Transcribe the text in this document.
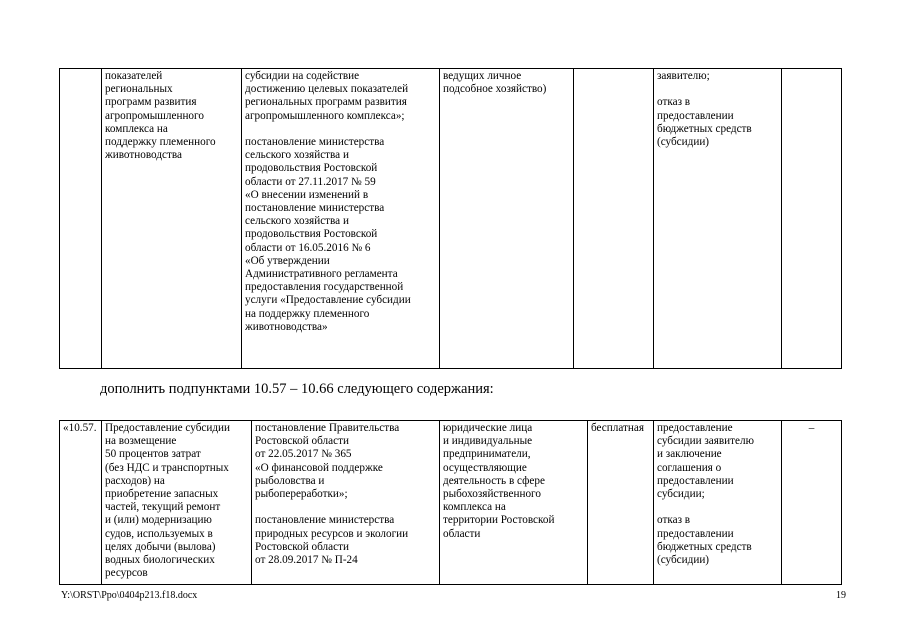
	показателей
региональных
программ развития
агропромышленного
комплекса на
поддержку племенного
животноводства	субсидии на содействие
достижению целевых показателей
региональных программ развития
агропромышленного комплекса»;

постановление министерства
сельского хозяйства и
продовольствия Ростовской
области от 27.11.2017 № 59
«О внесении изменений в
постановление министерства
сельского хозяйства и
продовольствия Ростовской
области от 16.05.2016 № 6
«Об утверждении
Административного регламента
предоставления государственной
услуги «Предоставление субсидии
на поддержку племенного
животноводства»	ведущих личное
подсобное хозяйство)		заявителю;

отказ в
предоставлении
бюджетных средств
(субсидии)	
дополнить подпунктами 10.57 – 10.66 следующего содержания:
«10.57.	Предоставление субсидии
на возмещение
50 процентов затрат
(без НДС и транспортных
расходов) на
приобретение запасных
частей, текущий ремонт
и (или) модернизацию
судов, используемых в
целях добычи (вылова)
водных биологических
ресурсов	постановление Правительства
Ростовской области
от 22.05.2017 № 365
«О финансовой поддержке
рыболовства и
рыбопереработки»;

постановление министерства
природных ресурсов и экологии
Ростовской области
от 28.09.2017 № П-24	юридические лица
и индивидуальные
предприниматели,
осуществляющие
деятельность в сфере
рыбохозяйственного
комплекса на
территории Ростовской
области	бесплатная	предоставление
субсидии заявителю
и заключение
соглашения о
предоставлении
субсидии;

отказ в
предоставлении
бюджетных средств
(субсидии)	–
Y:\ORST\Ppo\0404p213.f18.docx	19
